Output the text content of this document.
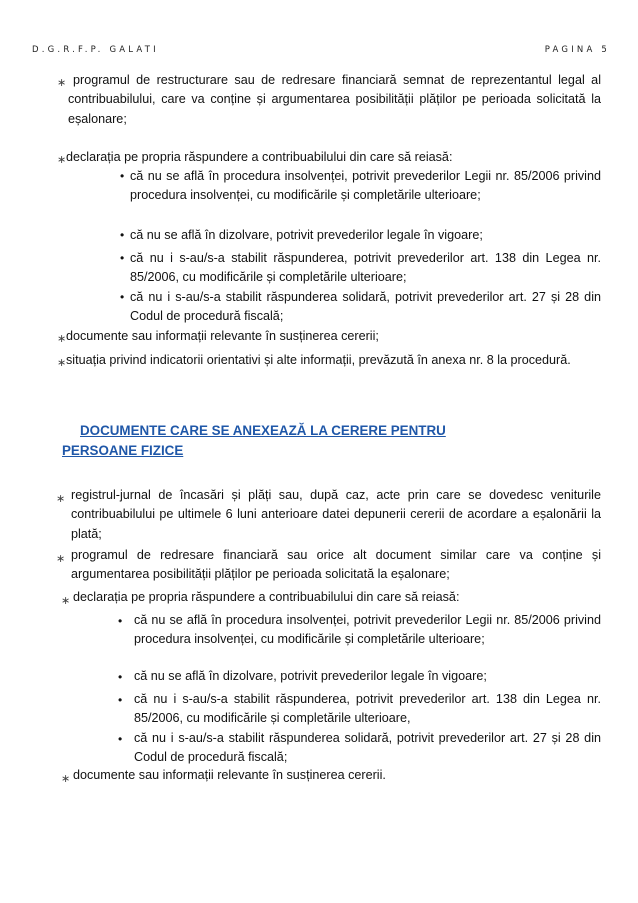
D.G.R.F.P. GALATI	PAGINA 5
∗ programul de restructurare sau de redresare financiară semnat de reprezentantul legal al contribuabilului, care va conține și argumentarea posibilității plăților pe perioada solicitată la eșalonare;
∗ declarația pe propria răspundere a contribuabilului din care să reiasă:
• că nu se află în procedura insolvenței, potrivit prevederilor Legii nr. 85/2006 privind procedura insolvenței, cu modificările și completările ulterioare;
• că nu se află în dizolvare, potrivit prevederilor legale în vigoare;
• că nu i s-au/s-a stabilit răspunderea, potrivit prevederilor art. 138 din Legea nr. 85/2006, cu modificările și completările ulterioare;
• că nu i s-au/s-a stabilit răspunderea solidară, potrivit prevederilor art. 27 și 28 din Codul de procedură fiscală;
∗ documente sau informații relevante în susținerea cererii;
∗ situația privind indicatorii orientativi și alte informații, prevăzută în anexa nr. 8 la procedură.
DOCUMENTE CARE SE ANEXEAZĂ LA CERERE PENTRU
PERSOANE FIZICE
∗ registrul-jurnal de încasări și plăți sau, după caz, acte prin care se dovedesc veniturile contribuabilului pe ultimele 6 luni anterioare datei depunerii cererii de acordare a eșalonării la plată;
∗ programul de redresare financiară sau orice alt document similar care va conține și argumentarea posibilității plăților pe perioada solicitată la eșalonare;
∗ declarația pe propria răspundere a contribuabilului din care să reiasă:
• că nu se află în procedura insolvenței, potrivit prevederilor Legii nr. 85/2006 privind procedura insolvenței, cu modificările și completările ulterioare;
• că nu se află în dizolvare, potrivit prevederilor legale în vigoare;
• că nu i s-au/s-a stabilit răspunderea, potrivit prevederilor art. 138 din Legea nr. 85/2006, cu modificările și completările ulterioare,
• că nu i s-au/s-a stabilit răspunderea solidară, potrivit prevederilor art. 27 și 28 din Codul de procedură fiscală;
∗ documente sau informații relevante în susținerea cererii.
